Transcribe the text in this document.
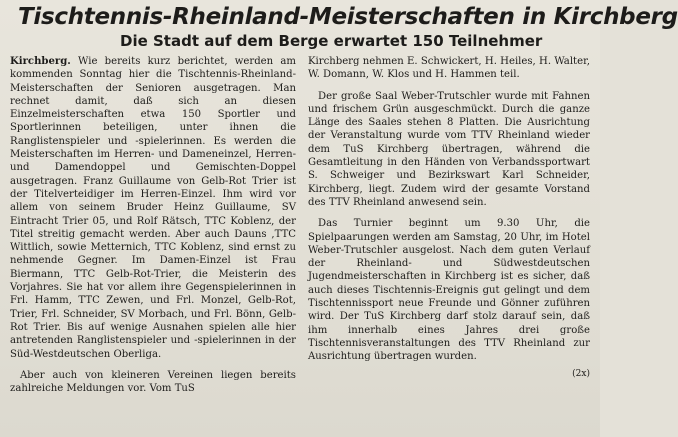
Tischtennis-Rheinland-Meisterschaften in Kirchberg
Die Stadt auf dem Berge erwartet 150 Teilnehmer

Kirchberg. Wie bereits kurz berichtet, werden am kommenden Sonntag hier die Tischtennis-Rheinland-Meisterschaften der Senioren ausgetragen. Man rechnet damit, daß sich an diesen Einzelmeisterschaften etwa 150 Sportler und Sportlerinnen beteiligen, unter ihnen die Ranglistenspieler und -spielerinnen. Es werden die Meisterschaften im Herren- und Dameneinzel, Herren- und Damendoppel und Gemischten-Doppel ausgetragen. Franz Guillaume von Gelb-Rot Trier ist der Titelverteidiger im Herren-Einzel. Ihm wird vor allem von seinem Bruder Heinz Guillaume, SV Eintracht Trier 05, und Rolf Rätsch, TTC Koblenz, der Titel streitig gemacht werden. Aber auch Dauns ,TTC Wittlich, sowie Metternich, TTC Koblenz, sind ernst zu nehmende Gegner. Im Damen-Einzel ist Frau Biermann, TTC Gelb-Rot-Trier, die Meisterin des Vorjahres. Sie hat vor allem ihre Gegenspielerinnen in Frl. Hamm, TTC Zewen, und Frl. Monzel, Gelb-Rot, Trier, Frl. Schneider, SV Morbach, und Frl. Bönn, Gelb-Rot Trier. Bis auf wenige Ausnahen spielen alle hier antretenden Ranglistenspieler und -spielerinnen in der Süd-Westdeutschen Oberliga.

Aber auch von kleineren Vereinen liegen bereits zahlreiche Meldungen vor. Vom TuS

Kirchberg nehmen E. Schwickert, H. Heiles, H. Walter, W. Domann, W. Klos und H. Hammen teil.

Der große Saal Weber-Trutschler wurde mit Fahnen und frischem Grün ausgeschmückt. Durch die ganze Länge des Saales stehen 8 Platten. Die Ausrichtung der Veranstaltung wurde vom TTV Rheinland wieder dem TuS Kirchberg übertragen, während die Gesamtleitung in den Händen von Verbandssportwart S. Schweiger und Bezirkswart Karl Schneider, Kirchberg, liegt. Zudem wird der gesamte Vorstand des TTV Rheinland anwesend sein.

Das Turnier beginnt um 9.30 Uhr, die Spielpaarungen werden am Samstag, 20 Uhr, im Hotel Weber-Trutschler ausgelost. Nach dem guten Verlauf der Rheinland- und Südwestdeutschen Jugendmeisterschaften in Kirchberg ist es sicher, daß auch dieses Tischtennis-Ereignis gut gelingt und dem Tischtennissport neue Freunde und Gönner zuführen wird. Der TuS Kirchberg darf stolz darauf sein, daß ihm innerhalb eines Jahres drei große Tischtennisveranstaltungen des TTV Rheinland zur Ausrichtung übertragen wurden.

(2x)
